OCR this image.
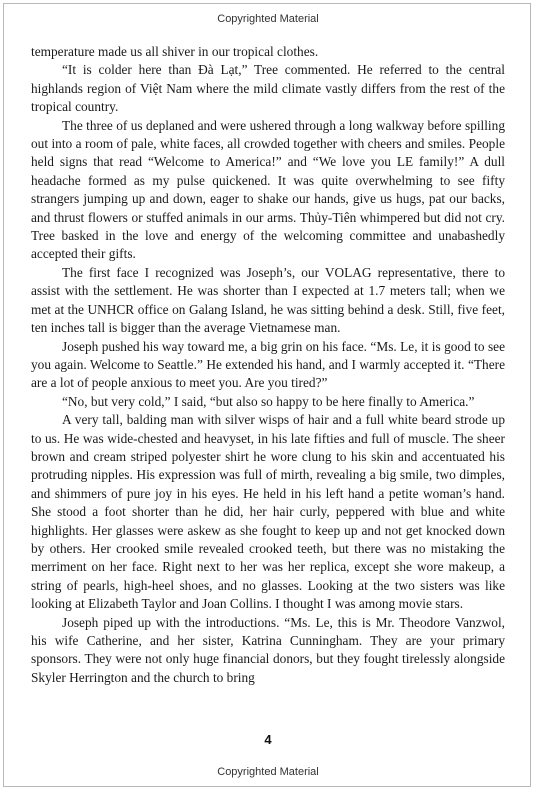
Copyrighted Material

temperature made us all shiver in our tropical clothes.

“It is colder here than Đà Lạt,” Tree commented. He referred to the central highlands region of Việt Nam where the mild climate vastly differs from the rest of the tropical country.

The three of us deplaned and were ushered through a long walkway before spilling out into a room of pale, white faces, all crowded together with cheers and smiles. People held signs that read “Welcome to America!” and “We love you LE family!” A dull headache formed as my pulse quickened. It was quite overwhelming to see fifty strangers jumping up and down, eager to shake our hands, give us hugs, pat our backs, and thrust flowers or stuffed animals in our arms. Thủy-Tiên whimpered but did not cry. Tree basked in the love and energy of the welcoming committee and unabashedly accepted their gifts.

The first face I recognized was Joseph’s, our VOLAG representative, there to assist with the settlement. He was shorter than I expected at 1.7 meters tall; when we met at the UNHCR office on Galang Island, he was sitting behind a desk. Still, five feet, ten inches tall is bigger than the average Vietnamese man.

Joseph pushed his way toward me, a big grin on his face. “Ms. Le, it is good to see you again. Welcome to Seattle.” He extended his hand, and I warmly accepted it. “There are a lot of people anxious to meet you. Are you tired?”

“No, but very cold,” I said, “but also so happy to be here finally to America.”

A very tall, balding man with silver wisps of hair and a full white beard strode up to us. He was wide-chested and heavyset, in his late fifties and full of muscle. The sheer brown and cream striped polyester shirt he wore clung to his skin and accentuated his protruding nipples. His expression was full of mirth, revealing a big smile, two dimples, and shimmers of pure joy in his eyes. He held in his left hand a petite woman’s hand. She stood a foot shorter than he did, her hair curly, peppered with blue and white highlights. Her glasses were askew as she fought to keep up and not get knocked down by others. Her crooked smile revealed crooked teeth, but there was no mistaking the merriment on her face. Right next to her was her replica, except she wore makeup, a string of pearls, high-heel shoes, and no glasses. Looking at the two sisters was like looking at Elizabeth Taylor and Joan Collins. I thought I was among movie stars.

Joseph piped up with the introductions. “Ms. Le, this is Mr. Theodore Vanzwol, his wife Catherine, and her sister, Katrina Cunningham. They are your primary sponsors. They were not only huge financial donors, but they fought tirelessly alongside Skyler Herrington and the church to bring

4
Copyrighted Material
